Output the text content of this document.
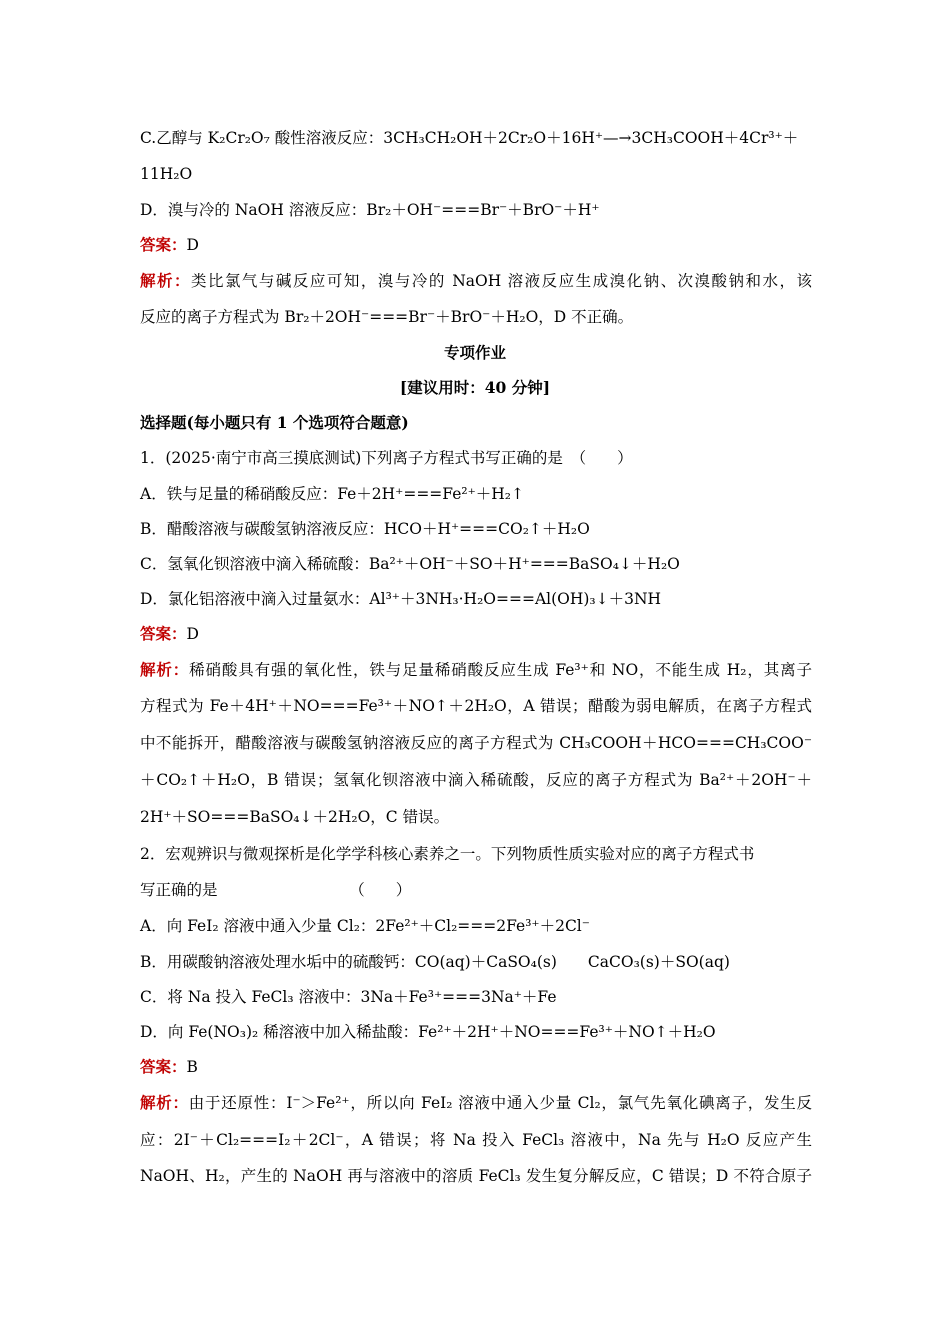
C.乙醇与 K₂Cr₂O₇ 酸性溶液反应：3CH₃CH₂OH＋2Cr₂O＋16H⁺—→3CH₃COOH＋4Cr³⁺＋
11H₂O
D．溴与冷的 NaOH 溶液反应：Br₂＋OH⁻===Br⁻＋BrO⁻＋H⁺
答案：D
解析：类比氯气与碱反应可知，溴与冷的 NaOH 溶液反应生成溴化钠、次溴酸钠和水，该
反应的离子方程式为 Br₂＋2OH⁻===Br⁻＋BrO⁻＋H₂O，D 不正确。
专项作业
[建议用时：40 分钟]
选择题(每小题只有 1 个选项符合题意)
1．(2025·南宁市高三摸底测试)下列离子方程式书写正确的是　（　　）
A．铁与足量的稀硝酸反应：Fe＋2H⁺===Fe²⁺＋H₂↑
B．醋酸溶液与碳酸氢钠溶液反应：HCO＋H⁺===CO₂↑＋H₂O
C．氢氧化钡溶液中滴入稀硫酸：Ba²⁺＋OH⁻＋SO＋H⁺===BaSO₄↓＋H₂O
D．氯化铝溶液中滴入过量氨水：Al³⁺＋3NH₃·H₂O===Al(OH)₃↓＋3NH
答案：D
解析：稀硝酸具有强的氧化性，铁与足量稀硝酸反应生成 Fe³⁺和 NO，不能生成 H₂，其离子
方程式为 Fe＋4H⁺＋NO===Fe³⁺＋NO↑＋2H₂O，A 错误；醋酸为弱电解质，在离子方程式
中不能拆开，醋酸溶液与碳酸氢钠溶液反应的离子方程式为 CH₃COOH＋HCO===CH₃COO⁻
＋CO₂↑＋H₂O，B 错误；氢氧化钡溶液中滴入稀硫酸，反应的离子方程式为 Ba²⁺＋2OH⁻＋
2H⁺＋SO===BaSO₄↓＋2H₂O，C 错误。
2．宏观辨识与微观探析是化学学科核心素养之一。下列物质性质实验对应的离子方程式书
写正确的是　　　　　　　　　（　　）
A．向 FeI₂ 溶液中通入少量 Cl₂：2Fe²⁺＋Cl₂===2Fe³⁺＋2Cl⁻
B．用碳酸钠溶液处理水垢中的硫酸钙：CO(aq)＋CaSO₄(s)　　CaCO₃(s)＋SO(aq)
C．将 Na 投入 FeCl₃ 溶液中：3Na＋Fe³⁺===3Na⁺＋Fe
D．向 Fe(NO₃)₂ 稀溶液中加入稀盐酸：Fe²⁺＋2H⁺＋NO===Fe³⁺＋NO↑＋H₂O
答案：B
解析：由于还原性：I⁻＞Fe²⁺，所以向 FeI₂ 溶液中通入少量 Cl₂，氯气先氧化碘离子，发生反
应：2I⁻＋Cl₂===I₂＋2Cl⁻，A 错误；将 Na 投入 FeCl₃ 溶液中，Na 先与 H₂O 反应产生
NaOH、H₂，产生的 NaOH 再与溶液中的溶质 FeCl₃ 发生复分解反应，C 错误；D 不符合原子
